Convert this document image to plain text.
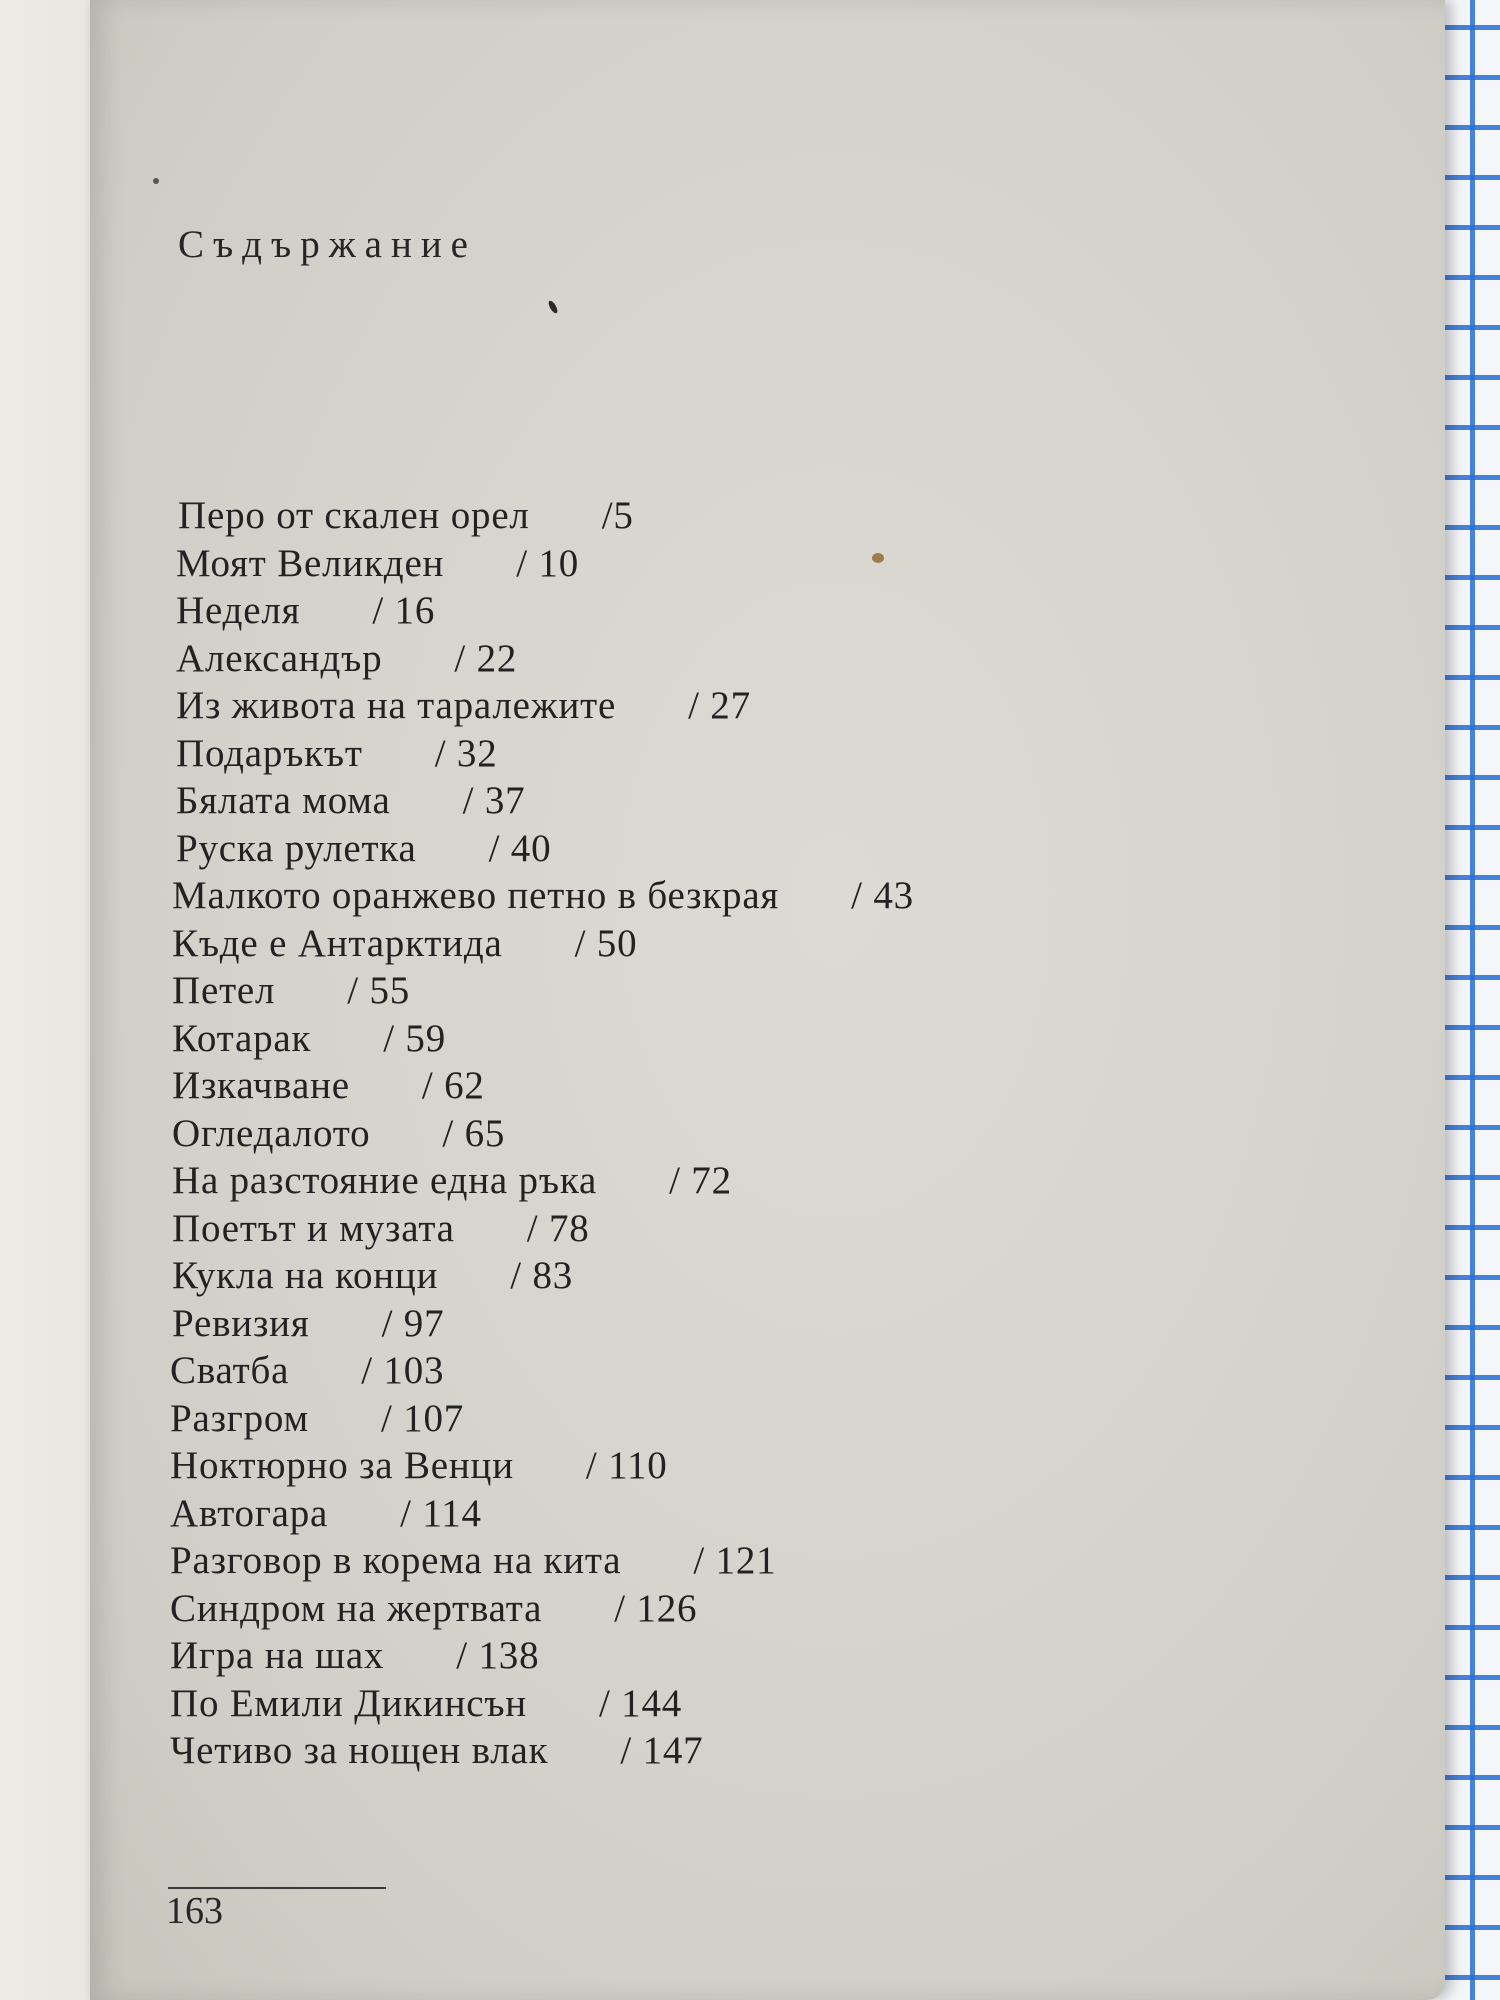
Съдържание
Перо от скален орел /5
Моят Великден / 10
Неделя / 16
Александър / 22
Из живота на таралежите / 27
Подаръкът / 32
Бялата мома / 37
Руска рулетка / 40
Малкото оранжево петно в безкрая / 43
Къде е Антарктида / 50
Петел / 55
Котарак / 59
Изкачване / 62
Огледалото / 65
На разстояние една ръка / 72
Поетът и музата / 78
Кукла на конци / 83
Ревизия / 97
Сватба / 103
Разгром / 107
Ноктюрно за Венци / 110
Автогара / 114
Разговор в корема на кита / 121
Синдром на жертвата / 126
Игра на шах / 138
По Емили Дикинсън / 144
Четиво за нощен влак / 147
163
